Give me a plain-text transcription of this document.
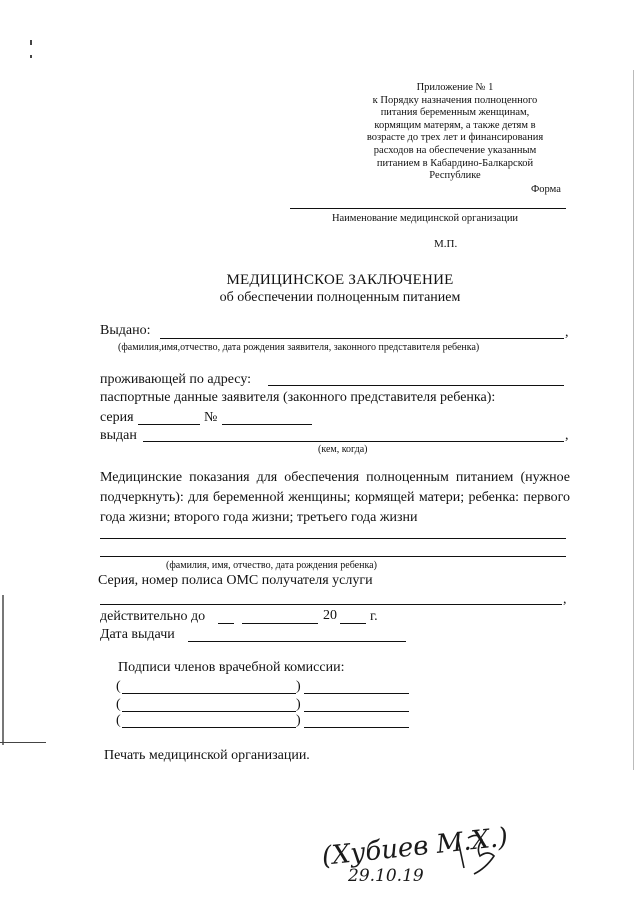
Приложение № 1
к Порядку назначения полноценного
питания беременным женщинам,
кормящим матерям, а также детям в
возрасте до трех лет и финансирования
расходов на обеспечение указанным
питанием в Кабардино-Балкарской
Республике
Форма
Наименование медицинской организации
М.П.
МЕДИЦИНСКОЕ ЗАКЛЮЧЕНИЕ
об обеспечении полноценным питанием
Выдано:	,
(фамилия,имя,отчество, дата рождения заявителя, законного представителя ребенка)
проживающей по адресу:
паспортные данные заявителя (законного представителя ребенка):
серия	№
выдан	,
(кем, когда)
Медицинские показания для обеспечения полноценным питанием (нужное подчеркнуть): для беременной женщины; кормящей матери; ребенка: первого года жизни; второго года жизни; третьего года жизни
(фамилия, имя, отчество, дата рождения ребенка)
Серия, номер полиса ОМС получателя услуги
,
действительно до	20 г.
Дата выдачи
Подписи членов врачебной комиссии:
(	)
(	)
(	)
Печать медицинской организации.
(Хубиев М.Х.)
29.10.19
